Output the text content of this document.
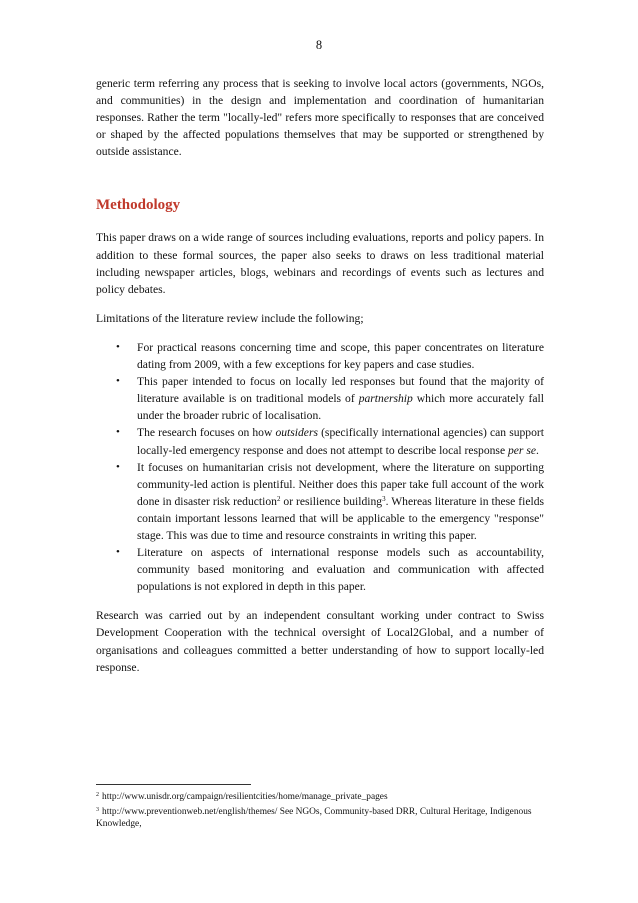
8

generic term referring any process that is seeking to involve local actors (governments, NGOs, and communities) in the design and implementation and coordination of humanitarian responses. Rather the term "locally-led" refers more specifically to responses that are conceived or shaped by the affected populations themselves that may be supported or strengthened by outside assistance.

Methodology

This paper draws on a wide range of sources including evaluations, reports and policy papers. In addition to these formal sources, the paper also seeks to draws on less traditional material including newspaper articles, blogs, webinars and recordings of events such as lectures and policy debates.

Limitations of the literature review include the following;

• For practical reasons concerning time and scope, this paper concentrates on literature dating from 2009, with a few exceptions for key papers and case studies.
• This paper intended to focus on locally led responses but found that the majority of literature available is on traditional models of partnership which more accurately fall under the broader rubric of localisation.
• The research focuses on how outsiders (specifically international agencies) can support locally-led emergency response and does not attempt to describe local response per se.
• It focuses on humanitarian crisis not development, where the literature on supporting community-led action is plentiful. Neither does this paper take full account of the work done in disaster risk reduction$^2$ or resilience building$^3$. Whereas literature in these fields contain important lessons learned that will be applicable to the emergency "response" stage. This was due to time and resource constraints in writing this paper.
• Literature on aspects of international response models such as accountability, community based monitoring and evaluation and communication with affected populations is not explored in depth in this paper.

Research was carried out by an independent consultant working under contract to Swiss Development Cooperation with the technical oversight of Local2Global, and a number of organisations and colleagues committed a better understanding of how to support locally-led response.

$^2$ http://www.unisdr.org/campaign/resilientcities/home/manage_private_pages

$^3$ http://www.preventionweb.net/english/themes/ See NGOs, Community-based DRR, Cultural Heritage, Indigenous Knowledge,
